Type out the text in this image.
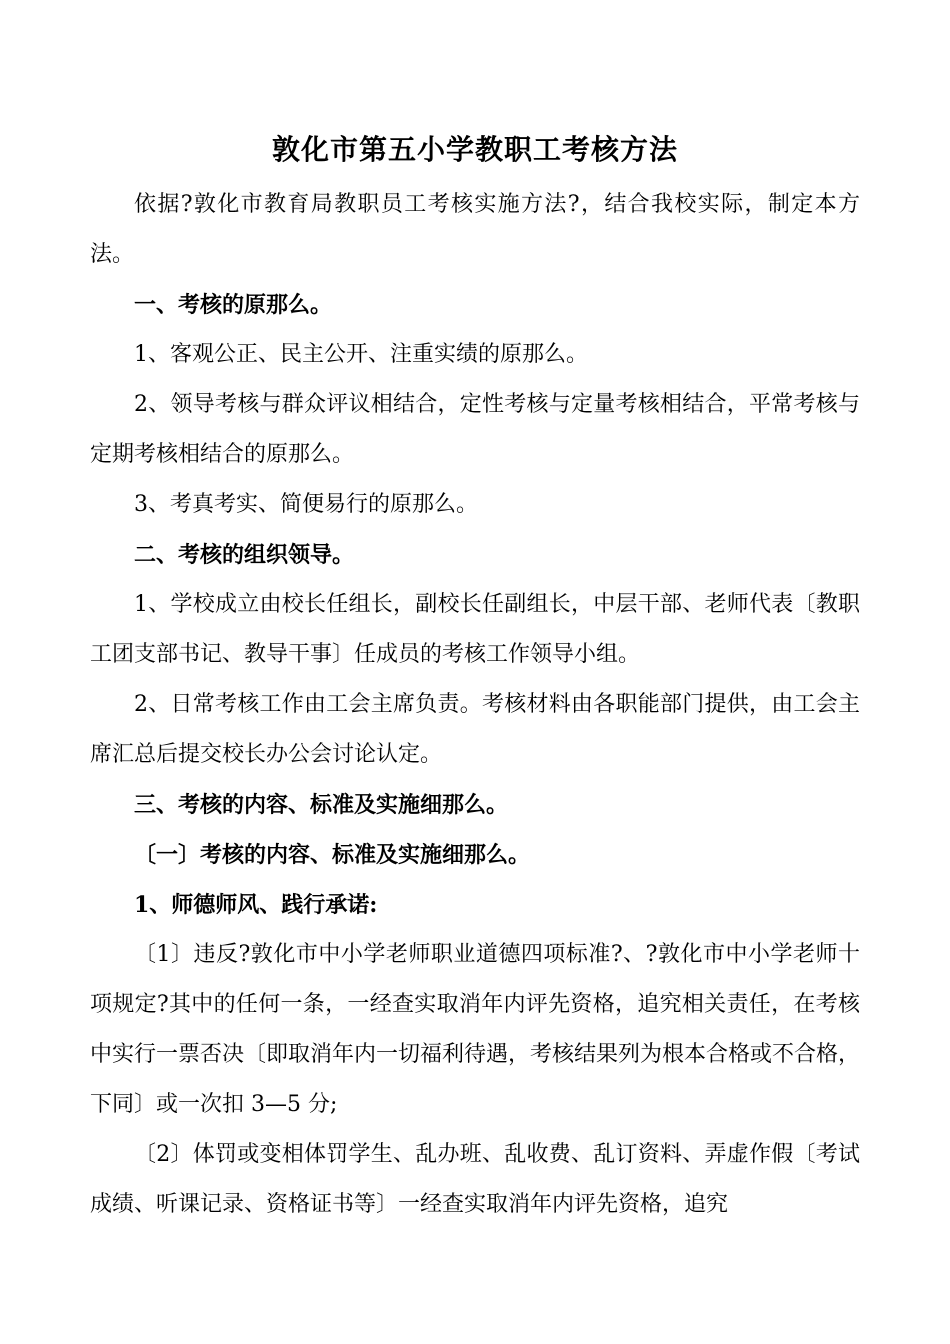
敦化市第五小学教职工考核方法

依据?敦化市教育局教职员工考核实施方法?，结合我校实际，制定本方法。

一、考核的原那么。

1、客观公正、民主公开、注重实绩的原那么。

2、领导考核与群众评议相结合，定性考核与定量考核相结合，平常考核与定期考核相结合的原那么。

3、考真考实、简便易行的原那么。

二、考核的组织领导。

1、学校成立由校长任组长，副校长任副组长，中层干部、老师代表〔教职工团支部书记、教导干事〕任成员的考核工作领导小组。

2、日常考核工作由工会主席负责。考核材料由各职能部门提供，由工会主席汇总后提交校长办公会讨论认定。

三、考核的内容、标准及实施细那么。

〔一〕考核的内容、标准及实施细那么。

1、师德师风、践行承诺:

〔1〕违反?敦化市中小学老师职业道德四项标准?、?敦化市中小学老师十项规定?其中的任何一条，一经查实取消年内评先资格，追究相关责任，在考核中实行一票否决〔即取消年内一切福利待遇，考核结果列为根本合格或不合格，下同〕或一次扣 3—5 分;

〔2〕体罚或变相体罚学生、乱办班、乱收费、乱订资料、弄虚作假〔考试成绩、听课记录、资格证书等〕一经查实取消年内评先资格，追究
